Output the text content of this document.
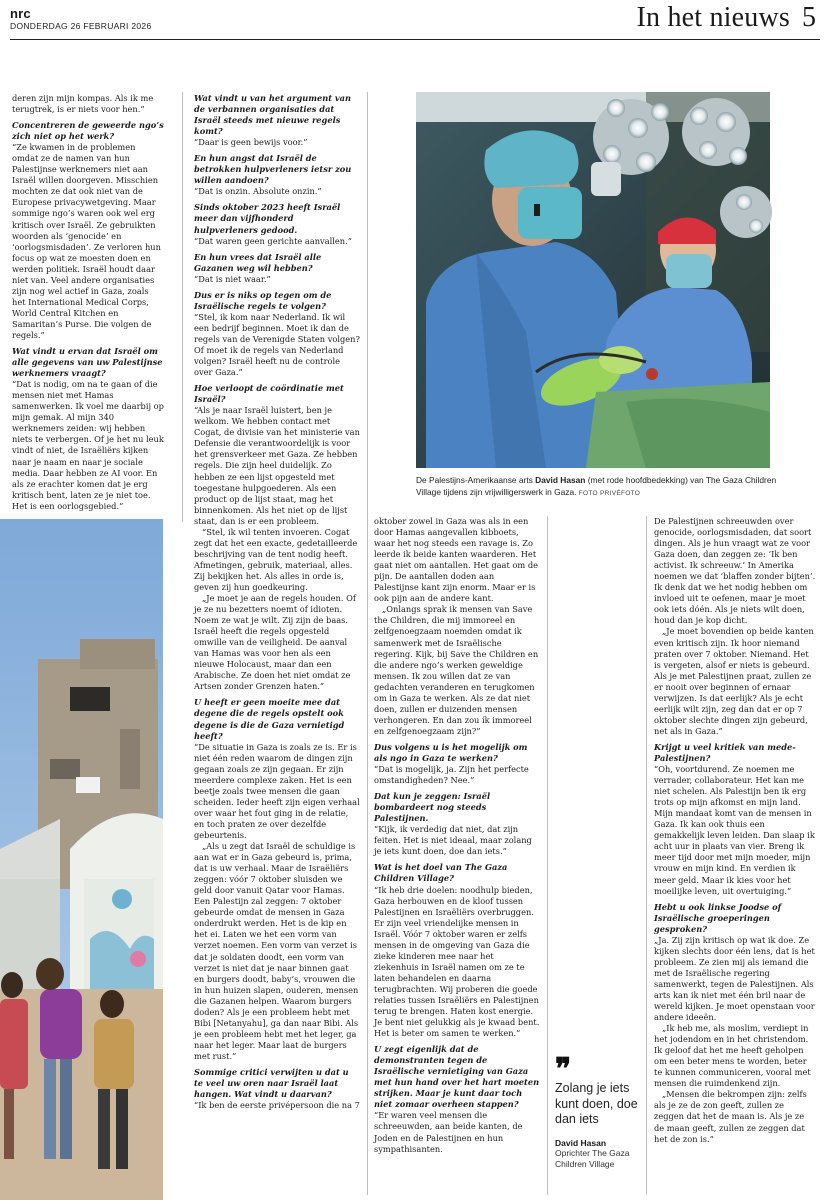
nrc
DONDERDAG 26 FEBRUARI 2026	In het nieuws 5

deren zijn mijn kompas. Als ik me terugtrek, is er niets voor hen.”

Concentreren de geweerde ngo’s zich niet op het werk?

“Ze kwamen in de problemen omdat ze de namen van hun Palestijnse werknemers niet aan Israël willen doorgeven. Misschien mochten ze dat ook niet van de Europese privacywetgeving. Maar sommige ngo’s waren ook wel erg kritisch over Israël. Ze gebruikten woorden als ‘genocide’ en ‘oorlogsmisdaden’. Ze verloren hun focus op wat ze moesten doen en werden politiek. Israël houdt daar niet van. Veel andere organisaties zijn nog wel actief in Gaza, zoals het International Medical Corps, World Central Kitchen en Samaritan’s Purse. Die volgen de regels.”

Wat vindt u ervan dat Israël om alle gegevens van uw Palestijnse werknemers vraagt?

“Dat is nodig, om na te gaan of die mensen niet met Hamas samenwerken. Ik voel me daarbij op mijn gemak. Al mijn 340 werknemers zeiden: wij hebben niets te verbergen. Of je het nu leuk vindt of niet, de Israëliërs kijken naar je naam en naar je sociale media. Daar hebben ze AI voor. En als ze erachter komen dat je erg kritisch bent, laten ze je niet toe. Het is een oorlogsgebied.”

Wat vindt u van het argument van de verbannen organisaties dat Israël steeds met nieuwe regels komt?

“Daar is geen bewijs voor.”

En hun angst dat Israël de betrokken hulpverleners ietsr zou willen aandoen?

“Dat is onzin. Absolute onzin.”

Sinds oktober 2023 heeft Israël meer dan vijfhonderd hulpverleners gedood.

“Dat waren geen gerichte aanvallen.”

En hun vrees dat Israël alle Gazanen weg wil hebben?

“Dat is niet waar.”

Dus er is niks op tegen om de Israëlische regels te volgen?

“Stel, ik kom naar Nederland. Ik wil een bedrijf beginnen. Moet ik dan de regels van de Verenigde Staten volgen? Of moet ik de regels van Nederland volgen? Israël heeft nu de controle over Gaza.”

Hoe verloopt de coördinatie met Israël?

“Als je naar Israël luistert, ben je welkom. We hebben contact met Cogat, de divisie van het ministerie van Defensie die verantwoordelijk is voor het grensverkeer met Gaza. Ze hebben regels. Die zijn heel duidelijk. Zo hebben ze een lijst opgesteld met toegestane hulpgoederen. Als een product op de lijst staat, mag het binnenkomen. Als het niet op de lijst staat, dan is er een probleem.

“Stel, ik wil tenten invoeren. Cogat zegt dat het een exacte, gedetailleerde beschrijving van de tent nodig heeft. Afmetingen, gebruik, materiaal, alles. Zij bekijken het. Als alles in orde is, geven zij hun goedkeuring.

„Je moet je aan de regels houden. Of je ze nu bezetters noemt of idioten. Noem ze wat je wilt. Zij zijn de baas. Israël heeft die regels opgesteld omwille van de veiligheid. De aanval van Hamas was voor hen als een nieuwe Holocaust, maar dan een Arabische. Ze doen het niet omdat ze Artsen zonder Grenzen haten.”

U heeft er geen moeite mee dat degene die de regels opstelt ook degene is die de Gaza vernietigd heeft?

“De situatie in Gaza is zoals ze is. Er is niet één reden waarom de dingen zijn gegaan zoals ze zijn gegaan. Er zijn meerdere complexe zaken. Het is een beetje zoals twee mensen die gaan scheiden. Ieder heeft zijn eigen verhaal over waar het fout ging in de relatie, en toch praten ze over dezelfde gebeurtenis.

„Als u zegt dat Israël de schuldige is aan wat er in Gaza gebeurd is, prima, dat is uw verhaal. Maar de Israëliërs zeggen: vóór 7 oktober sluisden we geld door vanuit Qatar voor Hamas. Een Palestijn zal zeggen: 7 oktober gebeurde omdat de mensen in Gaza onderdrukt werden. Het is de kip en het ei. Laten we het een vorm van verzet noemen. Een vorm van verzet is dat je soldaten doodt, een vorm van verzet is niet dat je naar binnen gaat en burgers doodt, baby’s, vrouwen die in hun huizen slapen, ouderen, mensen die Gazanen helpen. Waarom burgers doden? Als je een probleem hebt met Bibi [Netanyahu], ga dan naar Bibi. Als je een probleem hebt met het leger, ga naar het leger. Maar laat de burgers met rust.”

Sommige critici verwijten u dat u te veel uw oren naar Israël laat hangen. Wat vindt u daarvan?

“Ik ben de eerste privépersoon die na 7

oktober zowel in Gaza was als in een door Hamas aangevallen kibboets, waar het nog steeds een ravage is. Zo leerde ik beide kanten waarderen. Het gaat niet om aantallen. Het gaat om de pijn. De aantallen doden aan Palestijnse kant zijn enorm. Maar er is ook pijn aan de andere kant.

„Onlangs sprak ik mensen van Save the Children, die mij immoreel en zelfgenoegzaam noemden omdat ik samenwerk met de Israëlische regering. Kijk, bij Save the Children en die andere ngo’s werken geweldige mensen. Ik zou willen dat ze van gedachten veranderen en terugkomen om in Gaza te werken. Als ze dat niet doen, zullen er duizenden mensen verhongeren. En dan zou ík immoreel en zelfgenoegzaam zijn?”

Dus volgens u is het mogelijk om als ngo in Gaza te werken?

“Dat is mogelijk, ja. Zijn het perfecte omstandigheden? Nee.”

Dat kun je zeggen: Israël bombardeert nog steeds Palestijnen.

“Kijk, ik verdedig dat niet, dat zijn feiten. Het is niet ideaal, maar zolang je iets kunt doen, doe dan iets.”

Wat is het doel van The Gaza Children Village?

“Ik heb drie doelen: noodhulp bieden, Gaza herbouwen en de kloof tussen Palestijnen en Israëliërs overbruggen. Er zijn veel vriendelijke mensen in Israël. Vóór 7 oktober waren er zelfs mensen in de omgeving van Gaza die zieke kinderen mee naar het ziekenhuis in Israël namen om ze te laten behandelen en daarna terugbrachten. Wij proberen die goede relaties tussen Israëliërs en Palestijnen terug te brengen. Haten kost energie. Je bent niet gelukkig als je kwaad bent. Het is beter om samen te werken.”

U zegt eigenlijk dat de demonstranten tegen de Israëlische vernietiging van Gaza met hun hand over het hart moeten strijken. Maar je kunt daar toch niet zomaar overheen stappen?

“Er waren veel mensen die schreeuwden, aan beide kanten, de Joden en de Palestijnen en hun sympathisanten.

De Palestijnen schreeuwden over genocide, oorlogsmisdaden, dat soort dingen. Als je hun vraagt wat ze voor Gaza doen, dan zeggen ze: ‘Ik ben activist. Ik schreeuw.’ In Amerika noemen we dat ‘blaffen zonder bijten’. Ik denk dat we het nodig hebben om invloed uit te oefenen, maar je moet ook iets dóén. Als je niets wilt doen, houd dan je kop dicht.

„Je moet bovendien op beide kanten even kritisch zijn. Ik hoor niemand praten over 7 oktober. Niemand. Het is vergeten, alsof er niets is gebeurd. Als je met Palestijnen praat, zullen ze er nooit over beginnen of ernaar verwijzen. Is dat eerlijk? Als je echt eerlijk wilt zijn, zeg dan dat er op 7 oktober slechte dingen zijn gebeurd, net als in Gaza.”

Krijgt u veel kritiek van mede-Palestijnen?

“Oh, voortdurend. Ze noemen me verrader, collaborateur. Het kan me niet schelen. Als Palestijn ben ik erg trots op mijn afkomst en mijn land. Mijn mandaat komt van de mensen in Gaza. Ik kan ook thuis een gemakkelijk leven leiden. Dan slaap ik acht uur in plaats van vier. Breng ik meer tijd door met mijn moeder, mijn vrouw en mijn kind. En verdien ik meer geld. Maar ik kies voor het moeilijke leven, uit overtuiging.”

Hebt u ook linkse Joodse of Israëlische groeperingen gesproken?

„Ja. Zij zijn kritisch op wat ik doe. Ze kijken slechts door één lens, dat is het probleem. Ze zien mij als iemand die met de Israëlische regering samenwerkt, tegen de Palestijnen. Als arts kan ik niet met één bril naar de wereld kijken. Je moet openstaan voor andere ideeën.

„Ik heb me, als moslim, verdiept in het jodendom en in het christendom. Ik geloof dat het me heeft geholpen om een beter mens te worden, beter te kunnen communiceren, vooral met mensen die ruimdenkend zijn.

„Mensen die bekrompen zijn: zelfs als je ze de zon geeft, zullen ze zeggen dat het de maan is. Als je ze de maan geeft, zullen ze zeggen dat het de zon is.”

De Palestijns-Amerikaanse arts David Hasan (met rode hoofdbedekking) van The Gaza Children Village tijdens zijn vrijwilligerswerk in Gaza. FOTO PRIVÉFOTO
❞
Zolang je iets kunt doen, doe dan iets
David Hasan
Oprichter The Gaza Children Village
